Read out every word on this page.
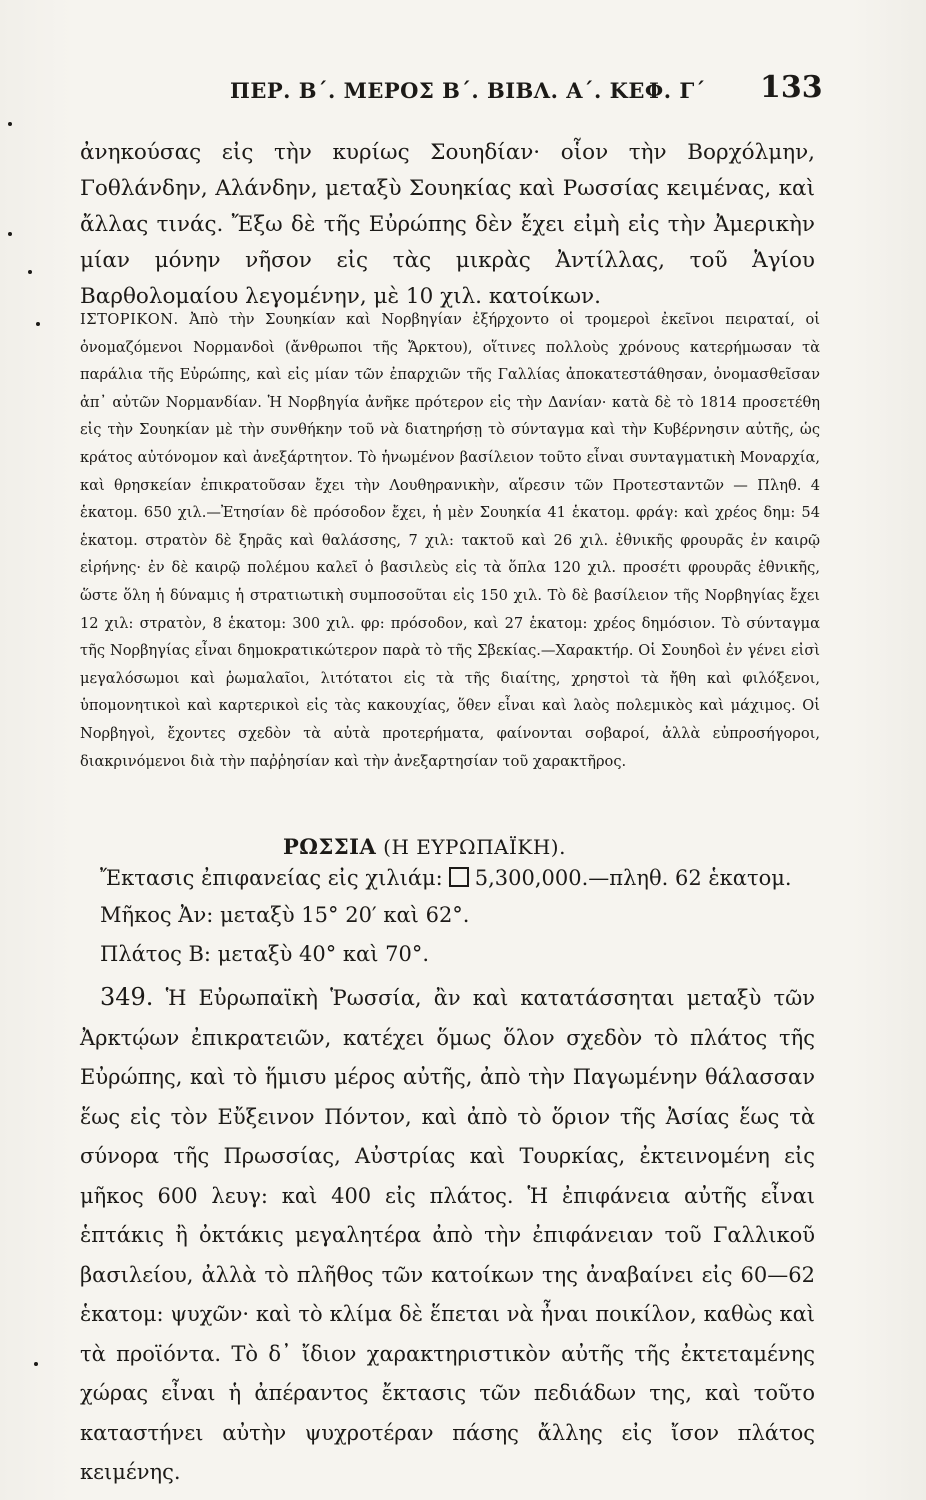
ΠΕΡ. Β΄. ΜΕΡΟΣ Β΄. ΒΙΒΛ. Α΄. ΚΕΦ. Γ΄	133

ἀνηκούσας εἰς τὴν κυρίως Σουηδίαν· οἷον τὴν Βορχόλμην, Γοθλάνδην, Αλάνδην, μεταξὺ Σουηκίας καὶ Ρωσσίας κειμένας, καὶ ἄλλας τινάς. Ἔξω δὲ τῆς Εὐρώπης δὲν ἔχει εἰμὴ εἰς τὴν Ἀμερικὴν μίαν μόνην νῆσον εἰς τὰς μικρὰς Ἀντίλλας, τοῦ Ἁγίου Βαρθολομαίου λεγομένην, μὲ 10 χιλ. κατοίκων.

ΙΣΤΟΡΙΚΟΝ. Ἀπὸ τὴν Σουηκίαν καὶ Νορβηγίαν ἐξήρχοντο οἱ τρομεροὶ ἐκεῖνοι πειραταί, οἱ ὀνομαζόμενοι Νορμανδοὶ (ἄνθρωποι τῆς Ἄρκτου), οἵτινες πολλοὺς χρόνους κατερήμωσαν τὰ παράλια τῆς Εὐρώπης, καὶ εἰς μίαν τῶν ἐπαρχιῶν τῆς Γαλλίας ἀποκατεστάθησαν, ὀνομασθεῖσαν ἀπ᾽ αὐτῶν Νορμανδίαν. Ἡ Νορβηγία ἀνῆκε πρότερον εἰς τὴν Δανίαν· κατὰ δὲ τὸ 1814 προσετέθη εἰς τὴν Σουηκίαν μὲ τὴν συνθήκην τοῦ νὰ διατηρήσῃ τὸ σύνταγμα καὶ τὴν Κυβέρνησιν αὐτῆς, ὡς κράτος αὐτόνομον καὶ ἀνεξάρτητον. Τὸ ἡνωμένον βασίλειον τοῦτο εἶναι συνταγματικὴ Μοναρχία, καὶ θρησκείαν ἐπικρατοῦσαν ἔχει τὴν Λουθηρανικὴν, αἵρεσιν τῶν Προτεσταντῶν — Πληθ. 4 ἑκατομ. 650 χιλ.—Ἐτησίαν δὲ πρόσοδον ἔχει, ἡ μὲν Σουηκία 41 ἑκατομ. φράγ: καὶ χρέος δημ: 54 ἑκατομ. στρατὸν δὲ ξηρᾶς καὶ θαλάσσης, 7 χιλ: τακτοῦ καὶ 26 χιλ. ἐθνικῆς φρουρᾶς ἐν καιρῷ εἰρήνης· ἐν δὲ καιρῷ πολέμου καλεῖ ὁ βασιλεὺς εἰς τὰ ὅπλα 120 χιλ. προσέτι φρουρᾶς ἐθνικῆς, ὥστε ὅλη ἡ δύναμις ἡ στρατιωτικὴ συμποσοῦται εἰς 150 χιλ. Τὸ δὲ βασίλειον τῆς Νορβηγίας ἔχει 12 χιλ: στρατὸν, 8 ἑκατομ: 300 χιλ. φρ: πρόσοδον, καὶ 27 ἑκατομ: χρέος δημόσιον. Τὸ σύνταγμα τῆς Νορβηγίας εἶναι δημοκρατικώτερον παρὰ τὸ τῆς Σβεκίας.—Χαρακτήρ. Οἱ Σουηδοὶ ἐν γένει εἰσὶ μεγαλόσωμοι καὶ ῥωμαλαῖοι, λιτότατοι εἰς τὰ τῆς διαίτης, χρηστοὶ τὰ ἤθη καὶ φιλόξενοι, ὑπομονητικοὶ καὶ καρτερικοὶ εἰς τὰς κακουχίας, ὅθεν εἶναι καὶ λαὸς πολεμικὸς καὶ μάχιμος. Οἱ Νορβηγοὶ, ἔχοντες σχεδὸν τὰ αὐτὰ προτερήματα, φαίνονται σοβαροί, ἀλλὰ εὐπροσήγοροι, διακρινόμενοι διὰ τὴν παῤῥησίαν καὶ τὴν ἀνεξαρτησίαν τοῦ χαρακτῆρος.

ΡΩΣΣΙΑ (Η ΕΥΡΩΠΑΪΚΗ).

Ἔκτασις ἐπιφανείας εἰς χιλιάμ: 5,300,000.—πληθ. 62 ἑκατομ.

Μῆκος Ἀν: μεταξὺ 15° 20′ καὶ 62°.

Πλάτος Β: μεταξὺ 40° καὶ 70°.

349. Ἡ Εὐρωπαϊκὴ Ῥωσσία, ἂν καὶ κατατάσσηται μεταξὺ τῶν Ἀρκτῴων ἐπικρατειῶν, κατέχει ὅμως ὅλον σχεδὸν τὸ πλάτος τῆς Εὐρώπης, καὶ τὸ ἥμισυ μέρος αὐτῆς, ἀπὸ τὴν Παγωμένην θάλασσαν ἕως εἰς τὸν Εὔξεινον Πόντον, καὶ ἀπὸ τὸ ὅριον τῆς Ἀσίας ἕως τὰ σύνορα τῆς Πρωσσίας, Αὐστρίας καὶ Τουρκίας, ἐκτεινομένη εἰς μῆκος 600 λευγ: καὶ 400 εἰς πλάτος. Ἡ ἐπιφάνεια αὐτῆς εἶναι ἑπτάκις ἢ ὀκτάκις μεγαλητέρα ἀπὸ τὴν ἐπιφάνειαν τοῦ Γαλλικοῦ βασιλείου, ἀλλὰ τὸ πλῆθος τῶν κατοίκων της ἀναβαίνει εἰς 60—62 ἑκατομ: ψυχῶν· καὶ τὸ κλίμα δὲ ἕπεται νὰ ἦναι ποικίλον, καθὼς καὶ τὰ προϊόντα. Τὸ δ᾽ ἴδιον χαρακτηριστικὸν αὐτῆς τῆς ἐκτεταμένης χώρας εἶναι ἡ ἀπέραντος ἔκτασις τῶν πεδιάδων της, καὶ τοῦτο καταστήνει αὐτὴν ψυχροτέραν πάσης ἄλλης εἰς ἴσον πλάτος κειμένης.
